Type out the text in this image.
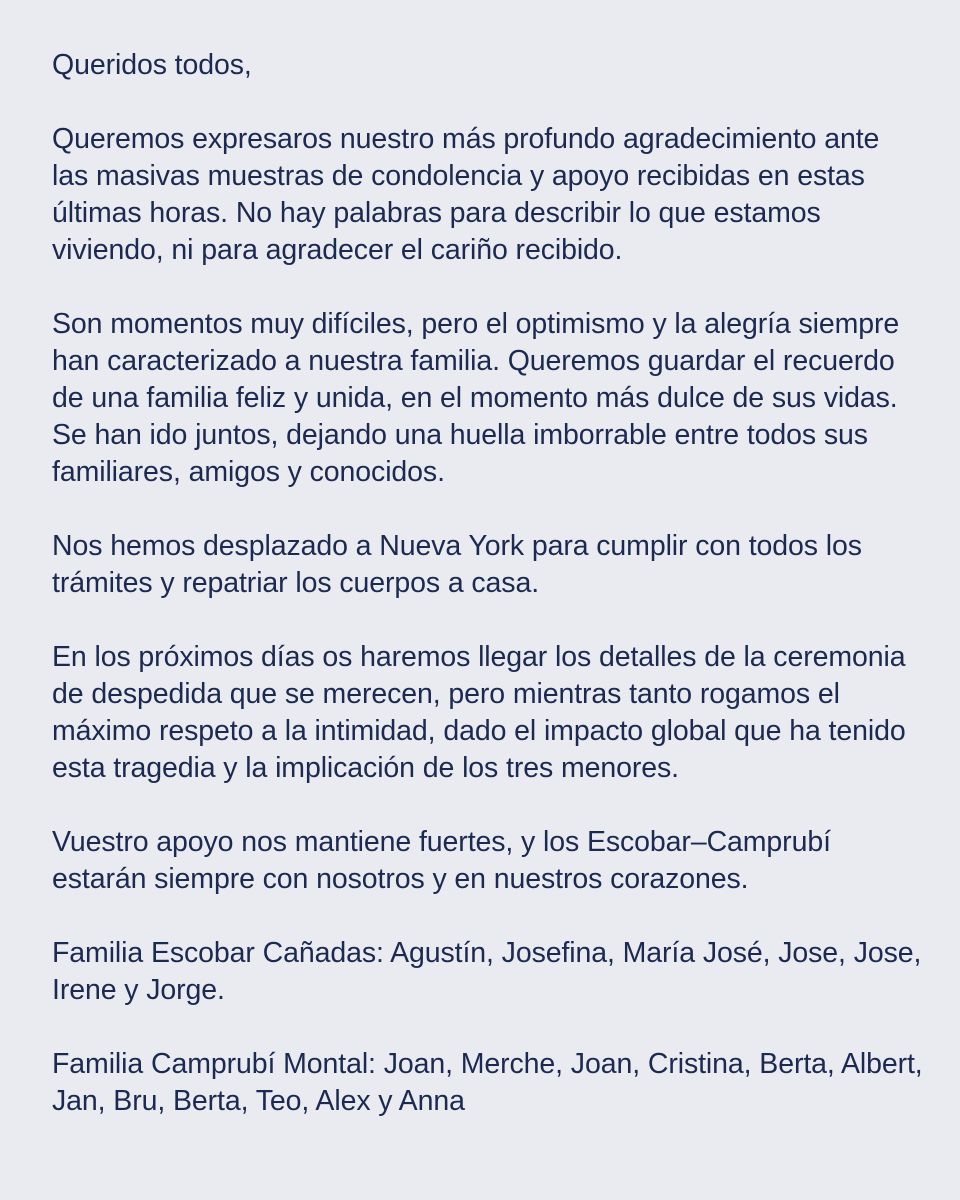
Queridos todos,

Queremos expresaros nuestro más profundo agradecimiento ante
las masivas muestras de condolencia y apoyo recibidas en estas
últimas horas. No hay palabras para describir lo que estamos
viviendo, ni para agradecer el cariño recibido.

Son momentos muy difíciles, pero el optimismo y la alegría siempre
han caracterizado a nuestra familia. Queremos guardar el recuerdo
de una familia feliz y unida, en el momento más dulce de sus vidas.
Se han ido juntos, dejando una huella imborrable entre todos sus
familiares, amigos y conocidos.

Nos hemos desplazado a Nueva York para cumplir con todos los
trámites y repatriar los cuerpos a casa.

En los próximos días os haremos llegar los detalles de la ceremonia
de despedida que se merecen, pero mientras tanto rogamos el
máximo respeto a la intimidad, dado el impacto global que ha tenido
esta tragedia y la implicación de los tres menores.

Vuestro apoyo nos mantiene fuertes, y los Escobar–Camprubí
estarán siempre con nosotros y en nuestros corazones.

Familia Escobar Cañadas: Agustín, Josefina, María José, Jose, Jose,
Irene y Jorge.

Familia Camprubí Montal: Joan, Merche, Joan, Cristina, Berta, Albert,
Jan, Bru, Berta, Teo, Alex y Anna
